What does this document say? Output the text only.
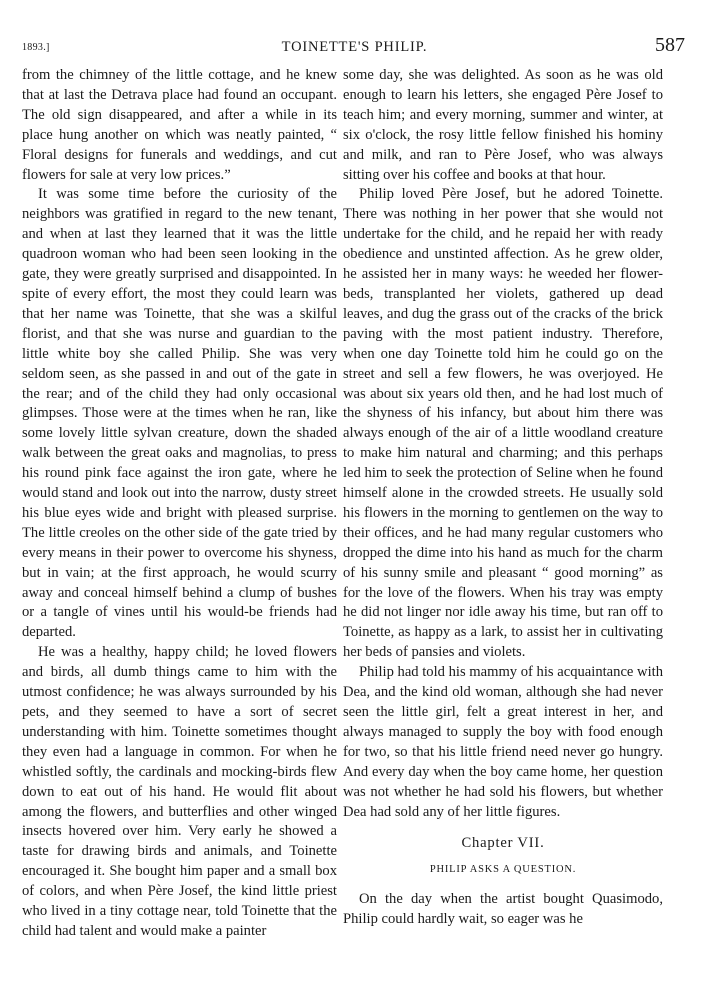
1893.]	TOINETTE'S PHILIP.	587

from the chimney of the little cottage, and he knew that at last the Detrava place had found an occupant. The old sign disappeared, and after a while in its place hung another on which was neatly painted, “ Floral designs for funerals and weddings, and cut flowers for sale at very low prices.”

It was some time before the curiosity of the neighbors was gratified in regard to the new tenant, and when at last they learned that it was the little quadroon woman who had been seen looking in the gate, they were greatly surprised and disappointed. In spite of every effort, the most they could learn was that her name was Toinette, that she was a skilful florist, and that she was nurse and guardian to the little white boy she called Philip. She was very seldom seen, as she passed in and out of the gate in the rear; and of the child they had only occasional glimpses. Those were at the times when he ran, like some lovely little sylvan creature, down the shaded walk between the great oaks and magnolias, to press his round pink face against the iron gate, where he would stand and look out into the narrow, dusty street his blue eyes wide and bright with pleased surprise. The little creoles on the other side of the gate tried by every means in their power to overcome his shyness, but in vain; at the first approach, he would scurry away and conceal himself behind a clump of bushes or a tangle of vines until his would-be friends had departed.

He was a healthy, happy child; he loved flowers and birds, all dumb things came to him with the utmost confidence; he was always surrounded by his pets, and they seemed to have a sort of secret understanding with him. Toinette sometimes thought they even had a language in common. For when he whistled softly, the cardinals and mocking-birds flew down to eat out of his hand. He would flit about among the flowers, and butterflies and other winged insects hovered over him. Very early he showed a taste for drawing birds and animals, and Toinette encouraged it. She bought him paper and a small box of colors, and when Père Josef, the kind little priest who lived in a tiny cottage near, told Toinette that the child had talent and would make a painter

some day, she was delighted. As soon as he was old enough to learn his letters, she engaged Père Josef to teach him; and every morning, summer and winter, at six o'clock, the rosy little fellow finished his hominy and milk, and ran to Père Josef, who was always sitting over his coffee and books at that hour.

Philip loved Père Josef, but he adored Toinette. There was nothing in her power that she would not undertake for the child, and he repaid her with ready obedience and unstinted affection. As he grew older, he assisted her in many ways: he weeded her flower-beds, transplanted her violets, gathered up dead leaves, and dug the grass out of the cracks of the brick paving with the most patient industry. Therefore, when one day Toinette told him he could go on the street and sell a few flowers, he was overjoyed. He was about six years old then, and he had lost much of the shyness of his infancy, but about him there was always enough of the air of a little woodland creature to make him natural and charming; and this perhaps led him to seek the protection of Seline when he found himself alone in the crowded streets. He usually sold his flowers in the morning to gentlemen on the way to their offices, and he had many regular customers who dropped the dime into his hand as much for the charm of his sunny smile and pleasant “ good morning” as for the love of the flowers. When his tray was empty he did not linger nor idle away his time, but ran off to Toinette, as happy as a lark, to assist her in cultivating her beds of pansies and violets.

Philip had told his mammy of his acquaintance with Dea, and the kind old woman, although she had never seen the little girl, felt a great interest in her, and always managed to supply the boy with food enough for two, so that his little friend need never go hungry. And every day when the boy came home, her question was not whether he had sold his flowers, but whether Dea had sold any of her little figures.

Chapter VII.
PHILIP ASKS A QUESTION.

On the day when the artist bought Quasimodo, Philip could hardly wait, so eager was he
